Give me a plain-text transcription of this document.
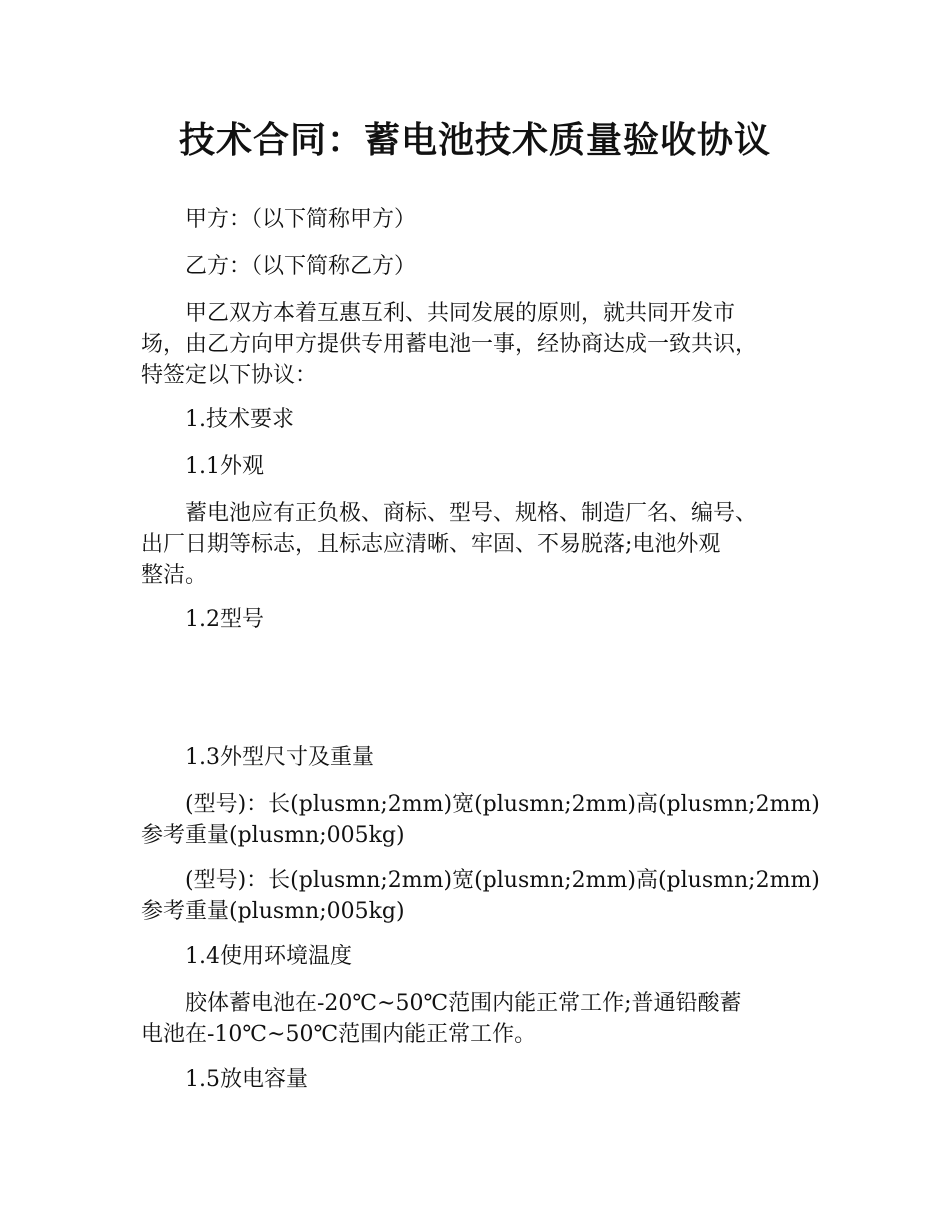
技术合同：蓄电池技术质量验收协议

甲方：（以下简称甲方）

乙方：（以下简称乙方）

甲乙双方本着互惠互利、共同发展的原则，就共同开发市
场，由乙方向甲方提供专用蓄电池一事，经协商达成一致共识，
特签定以下协议：

1.技术要求

1.1外观

蓄电池应有正负极、商标、型号、规格、制造厂名、编号、
出厂日期等标志，且标志应清晰、牢固、不易脱落;电池外观
整洁。

1.2型号

1.3外型尺寸及重量

(型号)：长(plusmn;2mm)宽(plusmn;2mm)高(plusmn;2mm)
参考重量(plusmn;005kg)

(型号)：长(plusmn;2mm)宽(plusmn;2mm)高(plusmn;2mm)
参考重量(plusmn;005kg)

1.4使用环境温度

胶体蓄电池在-20℃~50℃范围内能正常工作;普通铅酸蓄
电池在-10℃~50℃范围内能正常工作。

1.5放电容量
